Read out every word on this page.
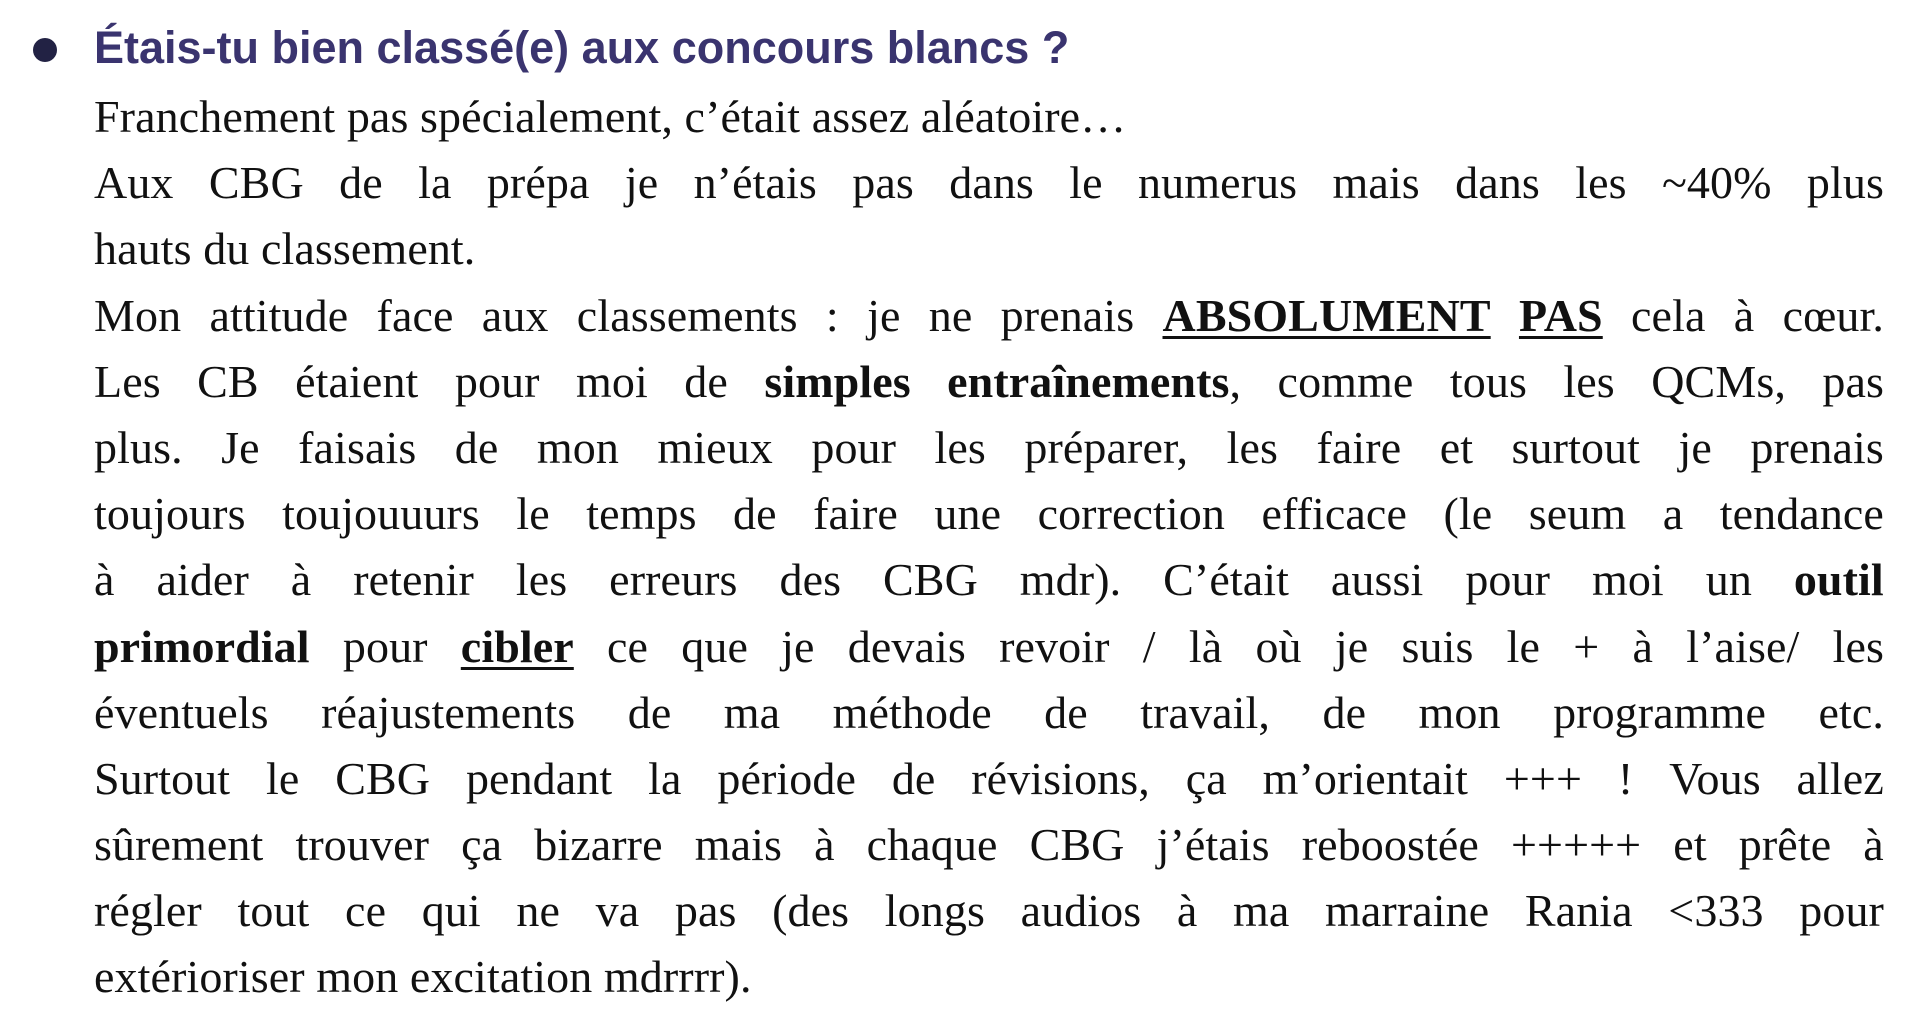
Étais-tu bien classé(e) aux concours blancs ?
Franchement pas spécialement, c’était assez aléatoire…
Aux CBG de la prépa je n’étais pas dans le numerus mais dans les ~40% plus
hauts du classement.
Mon attitude face aux classements : je ne prenais ABSOLUMENT PAS cela à cœur.
Les CB étaient pour moi de simples entraînements, comme tous les QCMs, pas
plus. Je faisais de mon mieux pour les préparer, les faire et surtout je prenais
toujours toujouuurs le temps de faire une correction efficace (le seum a tendance
à aider à retenir les erreurs des CBG mdr). C’était aussi pour moi un outil
primordial pour cibler ce que je devais revoir / là où je suis le + à l’aise/ les
éventuels réajustements de ma méthode de travail, de mon programme etc.
Surtout le CBG pendant la période de révisions, ça m’orientait +++ ! Vous allez
sûrement trouver ça bizarre mais à chaque CBG j’étais reboostée +++++ et prête à
régler tout ce qui ne va pas (des longs audios à ma marraine Rania <333 pour
extérioriser mon excitation mdrrrr).
